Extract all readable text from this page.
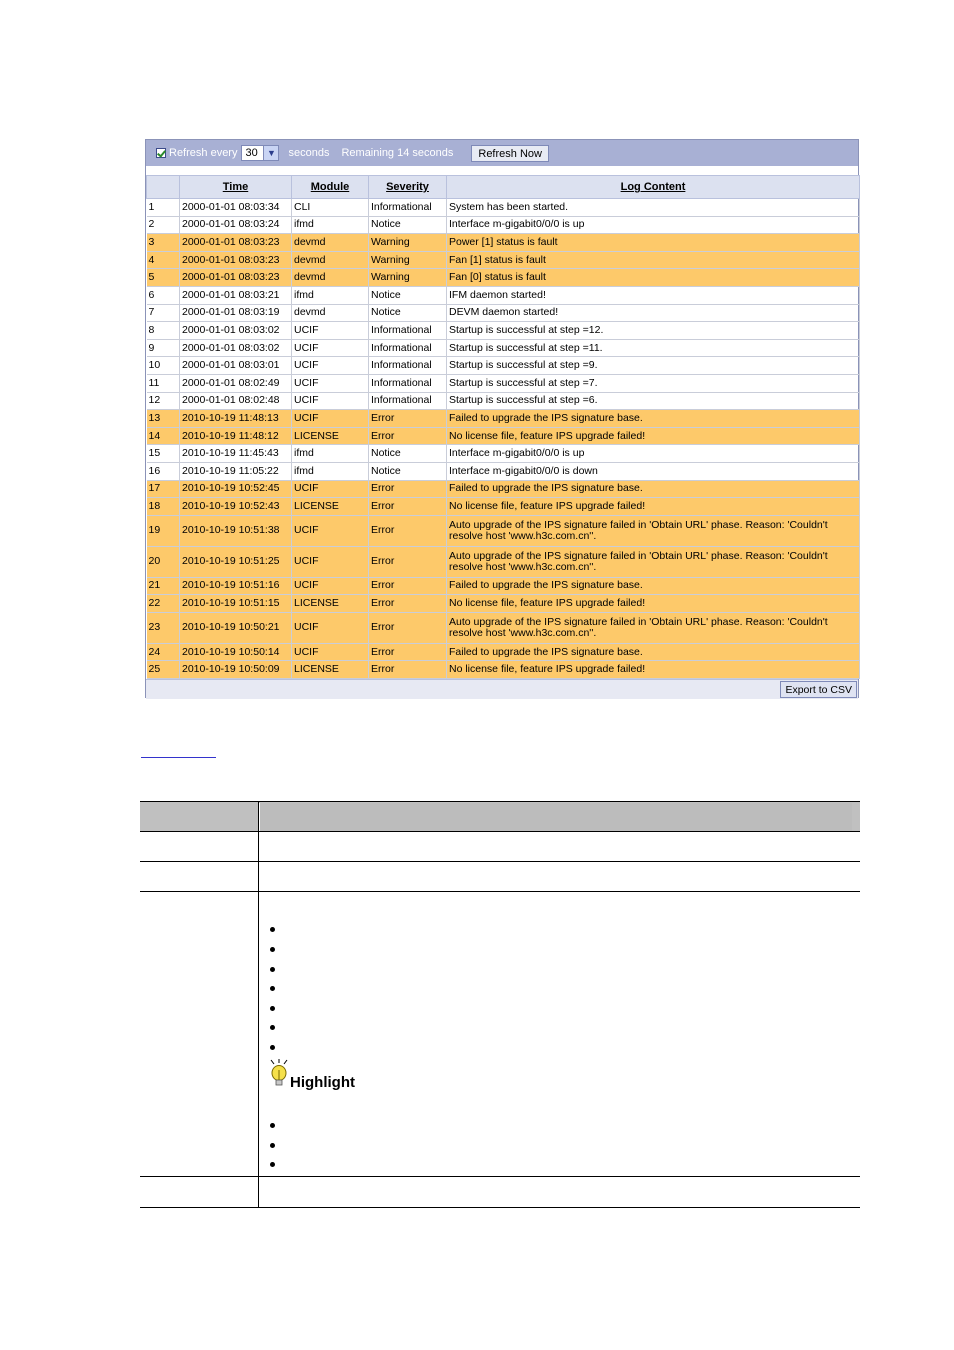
Refresh every 30	▼ seconds Remaining 14 seconds	Refresh Now
	Time	Module	Severity	Log Content
1	2000-01-01 08:03:34	CLI	Informational	System has been started.
2	2000-01-01 08:03:24	ifmd	Notice	Interface m-gigabit0/0/0 is up
3	2000-01-01 08:03:23	devmd	Warning	Power [1] status is fault
4	2000-01-01 08:03:23	devmd	Warning	Fan [1] status is fault
5	2000-01-01 08:03:23	devmd	Warning	Fan [0] status is fault
6	2000-01-01 08:03:21	ifmd	Notice	IFM daemon started!
7	2000-01-01 08:03:19	devmd	Notice	DEVM daemon started!
8	2000-01-01 08:03:02	UCIF	Informational	Startup is successful at step =12.
9	2000-01-01 08:03:02	UCIF	Informational	Startup is successful at step =11.
10	2000-01-01 08:03:01	UCIF	Informational	Startup is successful at step =9.
11	2000-01-01 08:02:49	UCIF	Informational	Startup is successful at step =7.
12	2000-01-01 08:02:48	UCIF	Informational	Startup is successful at step =6.
13	2010-10-19 11:48:13	UCIF	Error	Failed to upgrade the IPS signature base.
14	2010-10-19 11:48:12	LICENSE	Error	No license file, feature IPS upgrade failed!
15	2010-10-19 11:45:43	ifmd	Notice	Interface m-gigabit0/0/0 is up
16	2010-10-19 11:05:22	ifmd	Notice	Interface m-gigabit0/0/0 is down
17	2010-10-19 10:52:45	UCIF	Error	Failed to upgrade the IPS signature base.
18	2010-10-19 10:52:43	LICENSE	Error	No license file, feature IPS upgrade failed!
19	2010-10-19 10:51:38	UCIF	Error	Auto upgrade of the IPS signature failed in 'Obtain URL' phase. Reason: 'Couldn't resolve host 'www.h3c.com.cn''.
20	2010-10-19 10:51:25	UCIF	Error	Auto upgrade of the IPS signature failed in 'Obtain URL' phase. Reason: 'Couldn't resolve host 'www.h3c.com.cn''.
21	2010-10-19 10:51:16	UCIF	Error	Failed to upgrade the IPS signature base.
22	2010-10-19 10:51:15	LICENSE	Error	No license file, feature IPS upgrade failed!
23	2010-10-19 10:50:21	UCIF	Error	Auto upgrade of the IPS signature failed in 'Obtain URL' phase. Reason: 'Couldn't resolve host 'www.h3c.com.cn''.
24	2010-10-19 10:50:14	UCIF	Error	Failed to upgrade the IPS signature base.
25	2010-10-19 10:50:09	LICENSE	Error	No license file, feature IPS upgrade failed!
Export to CSV
Highlight
